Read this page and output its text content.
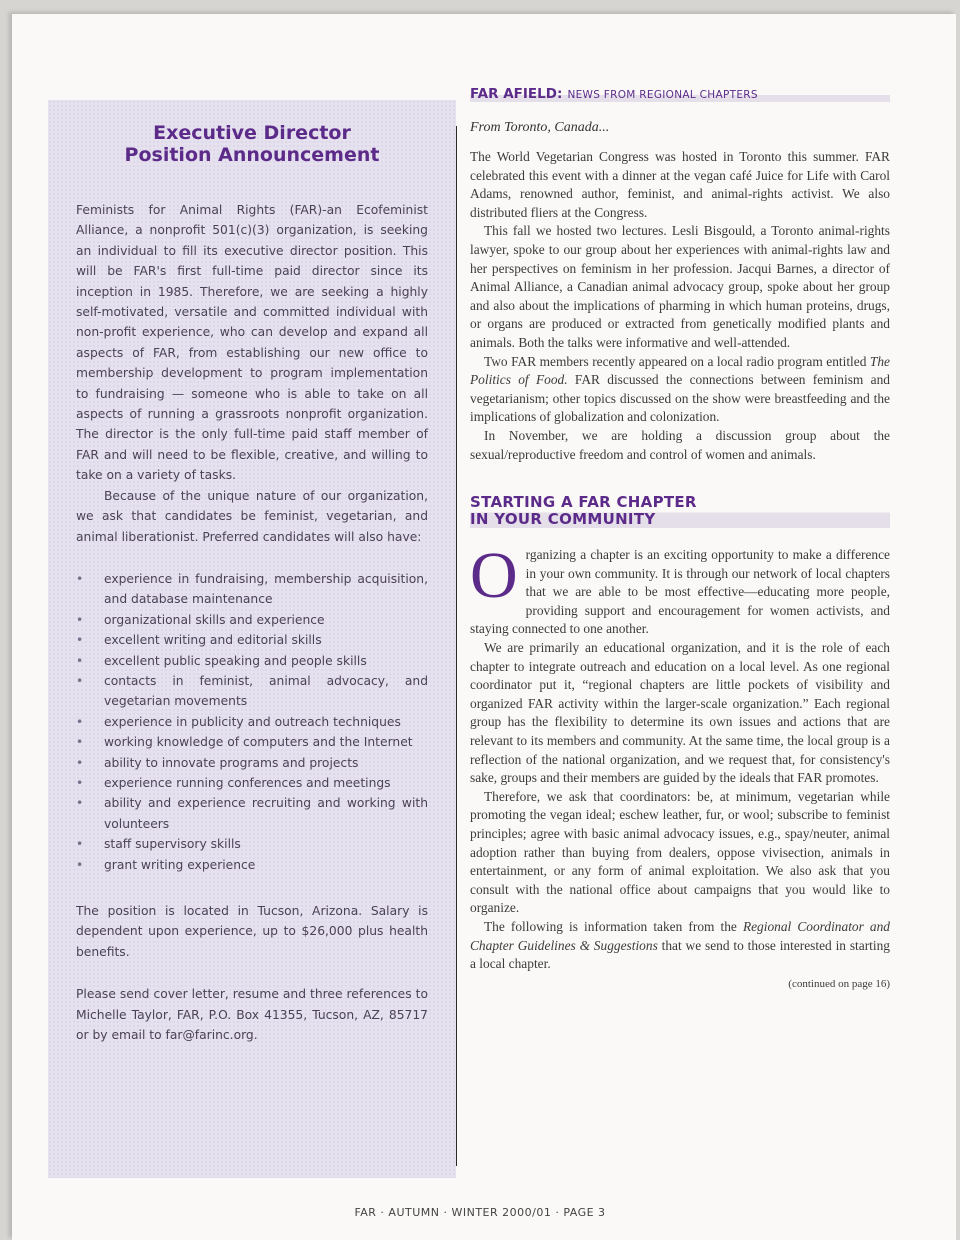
Executive Director
Position Announcement

Feminists for Animal Rights (FAR)-an Ecofeminist Alliance, a nonprofit 501(c)(3) organization, is seeking an individual to fill its executive director position. This will be FAR's first full-time paid director since its inception in 1985. Therefore, we are seeking a highly self-motivated, versatile and committed individual with non-profit experience, who can develop and expand all aspects of FAR, from establishing our new office to membership development to program implementation to fundraising — someone who is able to take on all aspects of running a grassroots nonprofit organization. The director is the only full-time paid staff member of FAR and will need to be flexible, creative, and willing to take on a variety of tasks.

Because of the unique nature of our organization, we ask that candidates be feminist, vegetarian, and animal liberationist. Preferred candidates will also have:

• experience in fundraising, membership acquisition, and database maintenance
• organizational skills and experience
• excellent writing and editorial skills
• excellent public speaking and people skills
• contacts in feminist, animal advocacy, and vegetarian movements
• experience in publicity and outreach techniques
• working knowledge of computers and the Internet
• ability to innovate programs and projects
• experience running conferences and meetings
• ability and experience recruiting and working with volunteers
• staff supervisory skills
• grant writing experience

The position is located in Tucson, Arizona. Salary is dependent upon experience, up to $26,000 plus health benefits.

Please send cover letter, resume and three references to Michelle Taylor, FAR, P.O. Box 41355, Tucson, AZ, 85717 or by email to far@farinc.org.

FAR AFIELD: NEWS FROM REGIONAL CHAPTERS

From Toronto, Canada...

The World Vegetarian Congress was hosted in Toronto this summer. FAR celebrated this event with a dinner at the vegan café Juice for Life with Carol Adams, renowned author, feminist, and animal-rights activist. We also distributed fliers at the Congress.

This fall we hosted two lectures. Lesli Bisgould, a Toronto animal-rights lawyer, spoke to our group about her experiences with animal-rights law and her perspectives on feminism in her profession. Jacqui Barnes, a director of Animal Alliance, a Canadian animal advocacy group, spoke about her group and also about the implications of pharming in which human proteins, drugs, or organs are produced or extracted from genetically modified plants and animals. Both the talks were informative and well-attended.

Two FAR members recently appeared on a local radio program entitled The Politics of Food. FAR discussed the connections between feminism and vegetarianism; other topics discussed on the show were breastfeeding and the implications of globalization and colonization.

In November, we are holding a discussion group about the sexual/reproductive freedom and control of women and animals.

STARTING A FAR CHAPTER
IN YOUR COMMUNITY

Organizing a chapter is an exciting opportunity to make a difference in your own community. It is through our network of local chapters that we are able to be most effective—educating more people, providing support and encouragement for women activists, and staying connected to one another.

We are primarily an educational organization, and it is the role of each chapter to integrate outreach and education on a local level. As one regional coordinator put it, “regional chapters are little pockets of visibility and organized FAR activity within the larger-scale organization.” Each regional group has the flexibility to determine its own issues and actions that are relevant to its members and community. At the same time, the local group is a reflection of the national organization, and we request that, for consistency's sake, groups and their members are guided by the ideals that FAR promotes.

Therefore, we ask that coordinators: be, at minimum, vegetarian while promoting the vegan ideal; eschew leather, fur, or wool; subscribe to feminist principles; agree with basic animal advocacy issues, e.g., spay/neuter, animal adoption rather than buying from dealers, oppose vivisection, animals in entertainment, or any form of animal exploitation. We also ask that you consult with the national office about campaigns that you would like to organize.

The following is information taken from the Regional Coordinator and Chapter Guidelines & Suggestions that we send to those interested in starting a local chapter.

(continued on page 16)
FAR · AUTUMN · WINTER 2000/01 · PAGE 3
